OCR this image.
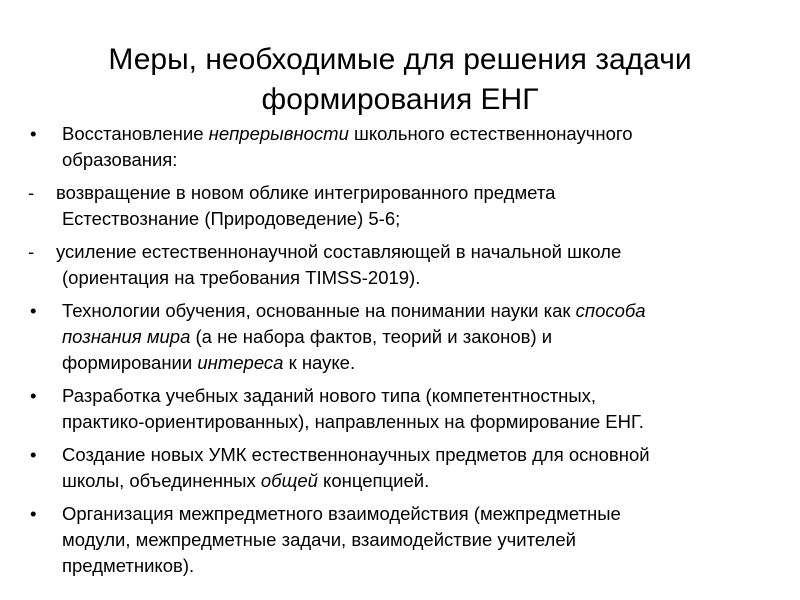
Меры, необходимые для решения задачи
формирования ЕНГ
• Восстановление непрерывности школьного естественнонаучного
образования:
- возвращение в новом облике интегрированного предмета
Естествознание (Природоведение) 5-6;
- усиление естественнонаучной составляющей в начальной школе
(ориентация на требования TIMSS-2019).
• Технологии обучения, основанные на понимании науки как способа
познания мира (а не набора фактов, теорий и законов) и
формировании интереса к науке.
• Разработка учебных заданий нового типа (компетентностных,
практико-ориентированных), направленных на формирование ЕНГ.
• Создание новых УМК естественнонаучных предметов для основной
школы, объединенных общей концепцией.
• Организация межпредметного взаимодействия (межпредметные
модули, межпредметные задачи, взаимодействие учителей
предметников).
